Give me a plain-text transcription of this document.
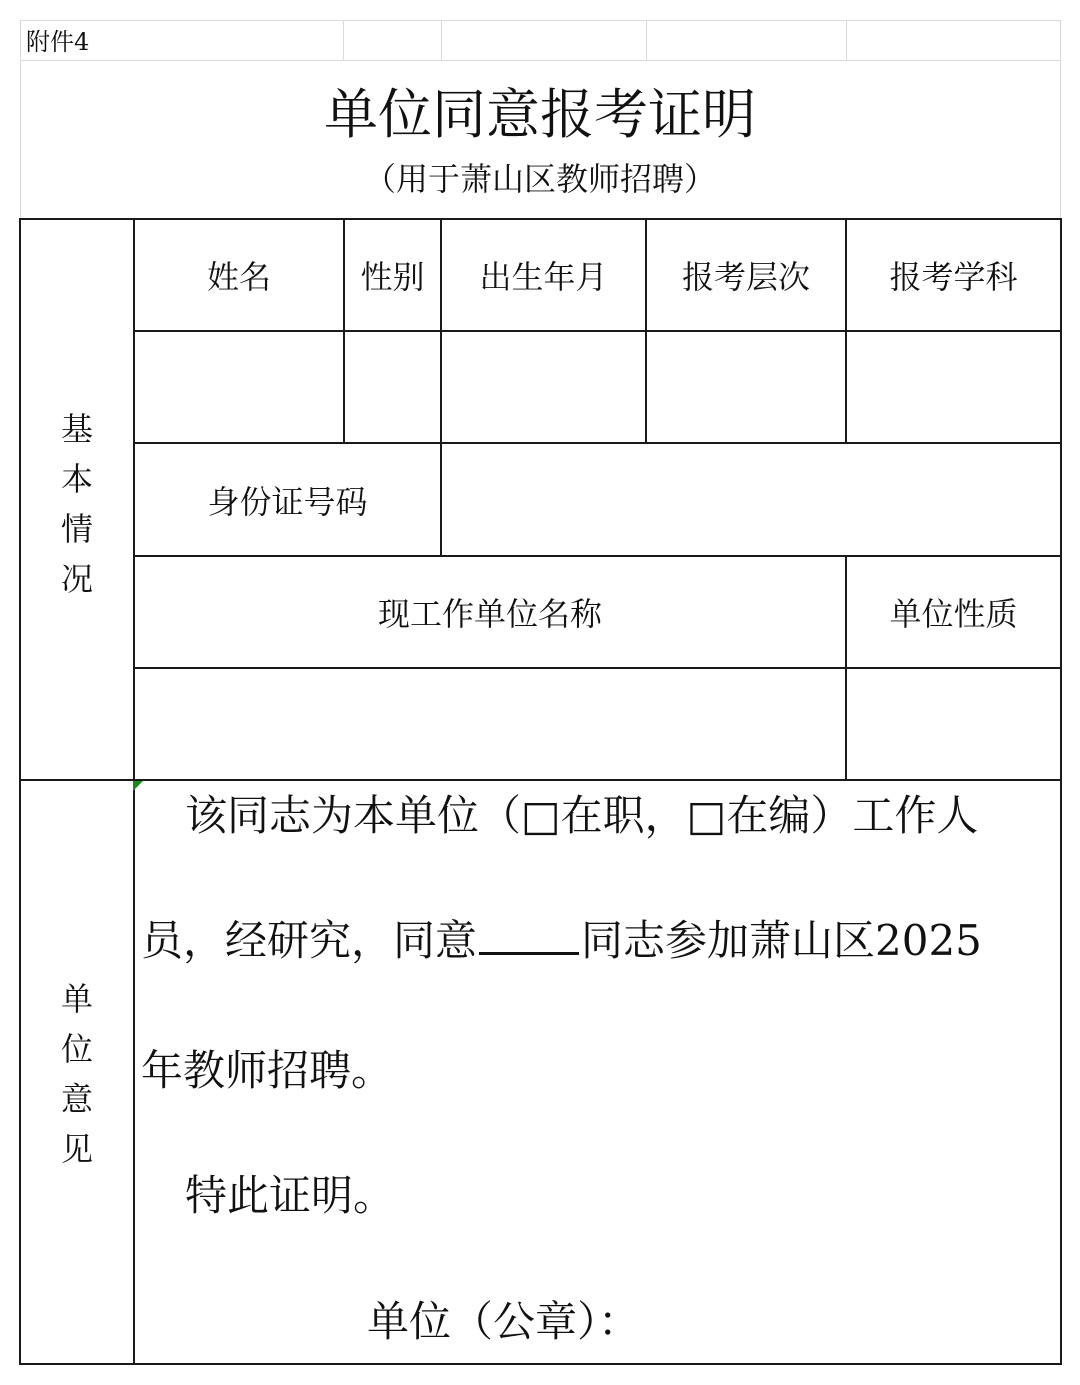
附件4
单位同意报考证明
（用于萧山区教师招聘）
基
本
情
况
姓名	性别 出生年月 报考层次 报考学科
身份证号码
现工作单位名称	单位性质
单
位
意
见
该同志为本单位（□在职，□在编）工作人
员，经研究，同意 同志参加萧山区2025
年教师招聘。
特此证明。
单位（公章）：
